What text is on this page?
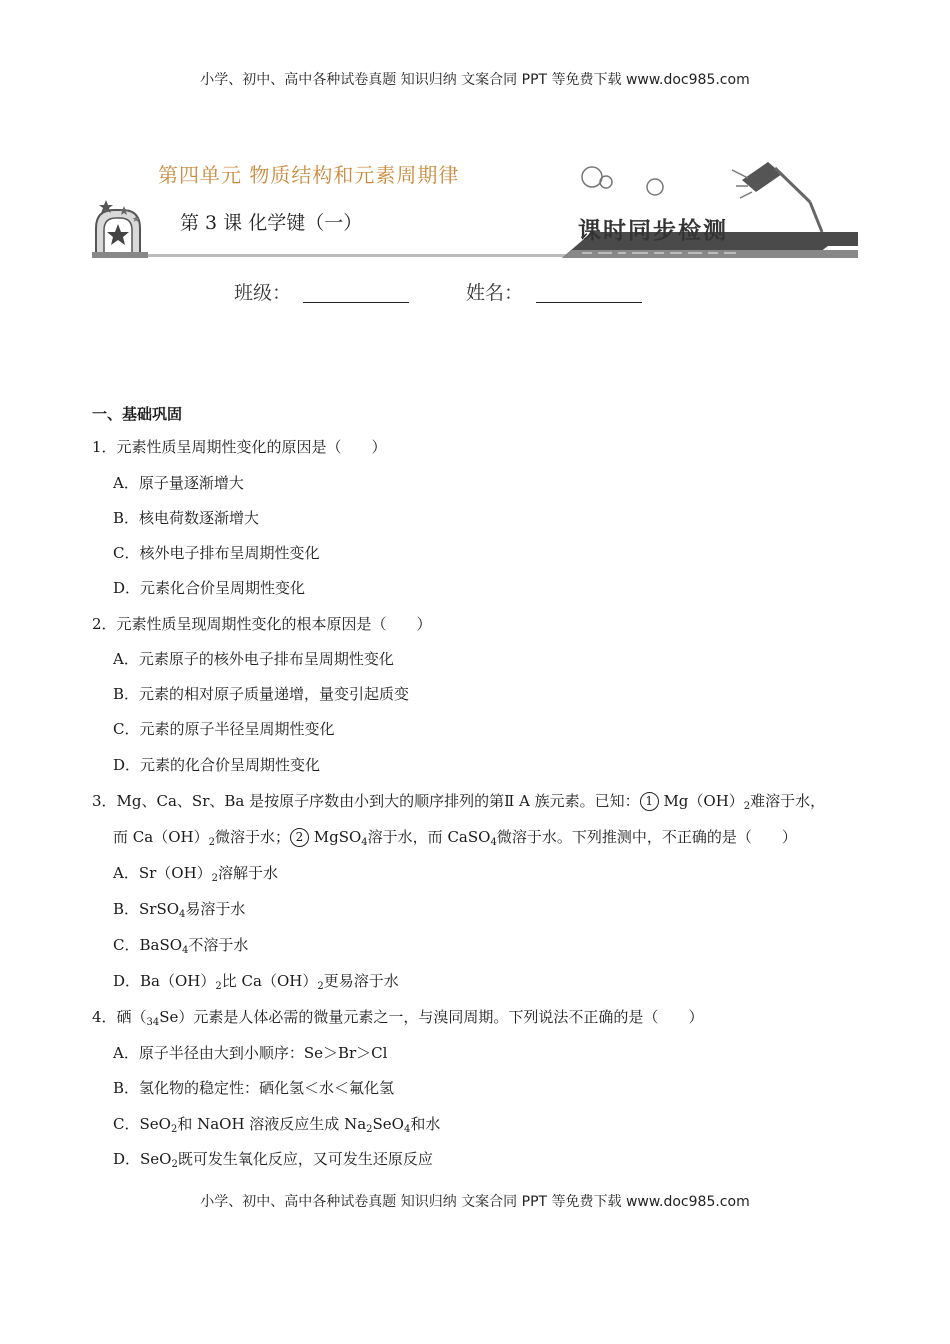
小学、初中、高中各种试卷真题 知识归纳 文案合同 PPT 等免费下载 www.doc985.com
第四单元 物质结构和元素周期律
第 3 课 化学键（一）	课时同步检测
班级：	姓名：
一、基础巩固
1．元素性质呈周期性变化的原因是（　　）
A．原子量逐渐增大
B．核电荷数逐渐增大
C．核外电子排布呈周期性变化
D．元素化合价呈周期性变化
2．元素性质呈现周期性变化的根本原因是（　　）
A．元素原子的核外电子排布呈周期性变化
B．元素的相对原子质量递增，量变引起质变
C．元素的原子半径呈周期性变化
D．元素的化合价呈周期性变化
3．Mg、Ca、Sr、Ba 是按原子序数由小到大的顺序排列的第Ⅱ A 族元素。已知： 1 $Mg(OH)_2$难溶于水，
而 $Ca(OH)_2$微溶于水； 2 MgSO$_4$溶于水，而 CaSO$_4$微溶于水。下列推测中，不正确的是（　　）
A．$Sr(OH)_2$溶解于水
B．SrSO$_4$易溶于水
C．BaSO$_4$不溶于水
D．$Ba(OH)_2$比 $Ca(OH)_2$更易溶于水
4．硒$(_{34}Se)$元素是人体必需的微量元素之一，与溴同周期。下列说法不正确的是（　　）
A．原子半径由大到小顺序：Se＞Br＞Cl
B．氢化物的稳定性：硒化氢＜水＜氟化氢
C．SeO$_2$和 NaOH 溶液反应生成 $Na_2SeO_4$和水
D．SeO$_2$既可发生氧化反应，又可发生还原反应
小学、初中、高中各种试卷真题 知识归纳 文案合同 PPT 等免费下载 www.doc985.com
